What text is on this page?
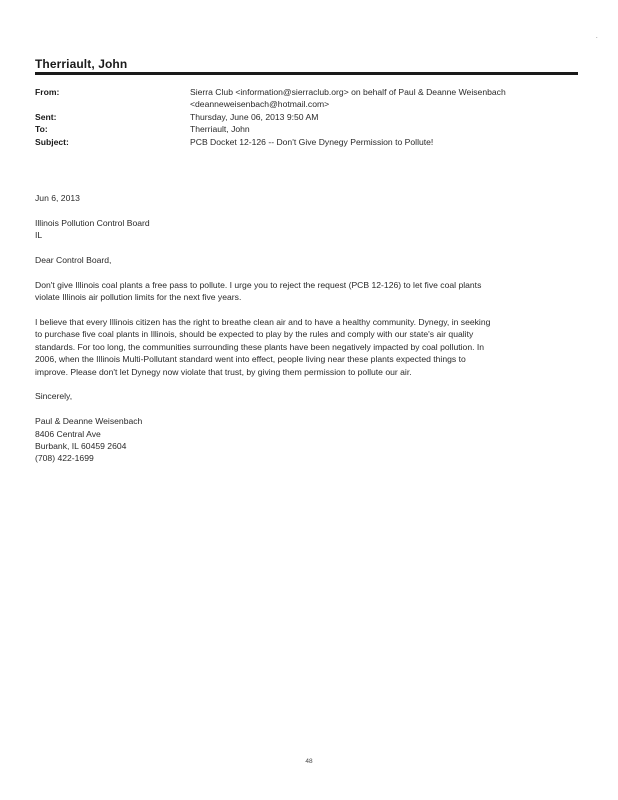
.
Therriault, John
From:	Sierra Club <information@sierraclub.org> on behalf of Paul & Deanne Weisenbach
<deanneweisenbach@hotmail.com>
Sent:	Thursday, June 06, 2013 9:50 AM
To:	Therriault, John
Subject:	PCB Docket 12-126 -- Don't Give Dynegy Permission to Pollute!

Jun 6, 2013

Illinois Pollution Control Board

IL

Dear Control Board,

Don't give Illinois coal plants a free pass to pollute. I urge you to reject the request (PCB 12-126) to let five coal plants

violate Illinois air pollution limits for the next five years.

I believe that every Illinois citizen has the right to breathe clean air and to have a healthy community. Dynegy, in seeking

to purchase five coal plants in Illinois, should be expected to play by the rules and comply with our state's air quality

standards. For too long, the communities surrounding these plants have been negatively impacted by coal pollution. In

2006, when the Illinois Multi-Pollutant standard went into effect, people living near these plants expected things to

improve. Please don't let Dynegy now violate that trust, by giving them permission to pollute our air.

Sincerely,

Paul & Deanne Weisenbach
8406 Central Ave
Burbank, IL 60459 2604
(708) 422-1699
48
